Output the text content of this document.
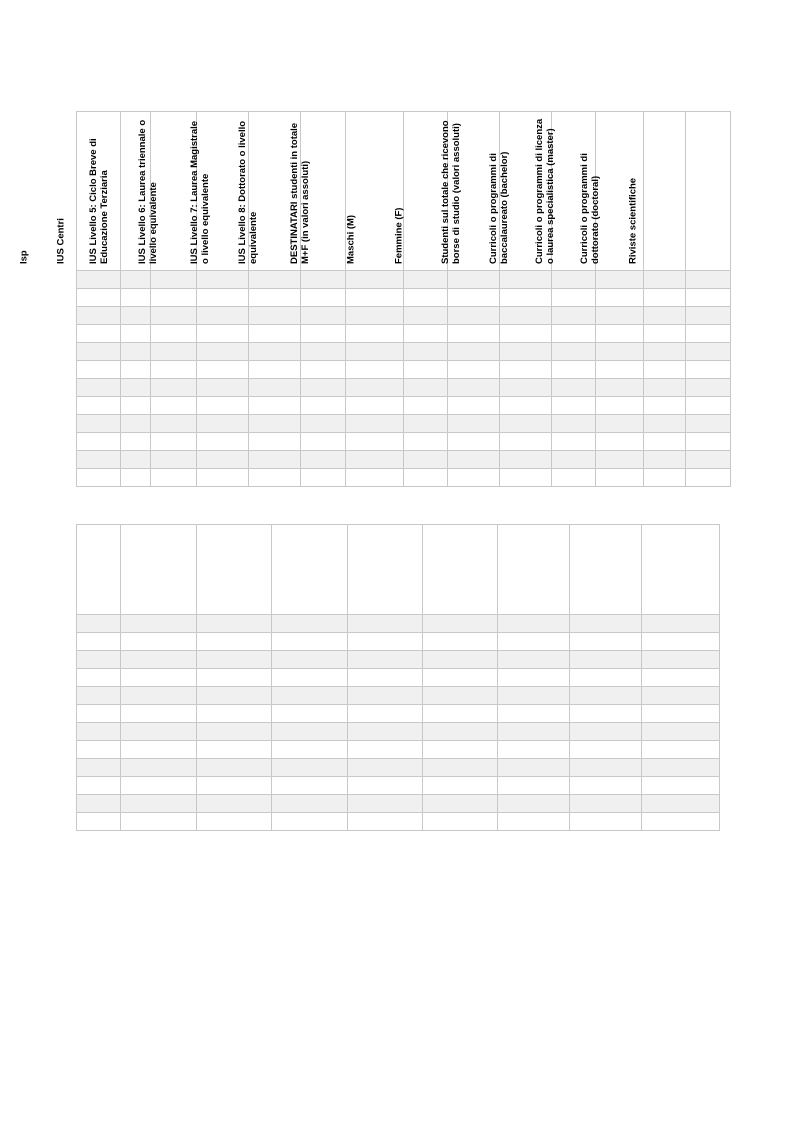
Isp	IUS Centri	IUS Livello 5: Ciclo Breve di Educazione Terziaria	IUS Livello 6: Laurea triennale o livello equivalente	IUS Livello 7: Laurea Magistrale o livello equivalente	IUS Livello 8: Dottorato o livello equivalente	DESTINATARI studenti in totale M+F (in valori assoluti)	Maschi (M)	Femmine (F)	Studenti sul totale che ricevono borse di studio (valori assoluti)	Curricoli o programmi di baccalaureato (bachelor)	Curricoli o programmi di licenza o laurea specialistica (master)	Curricoli o programmi di dottorato (doctoral)	Riviste scientifiche
